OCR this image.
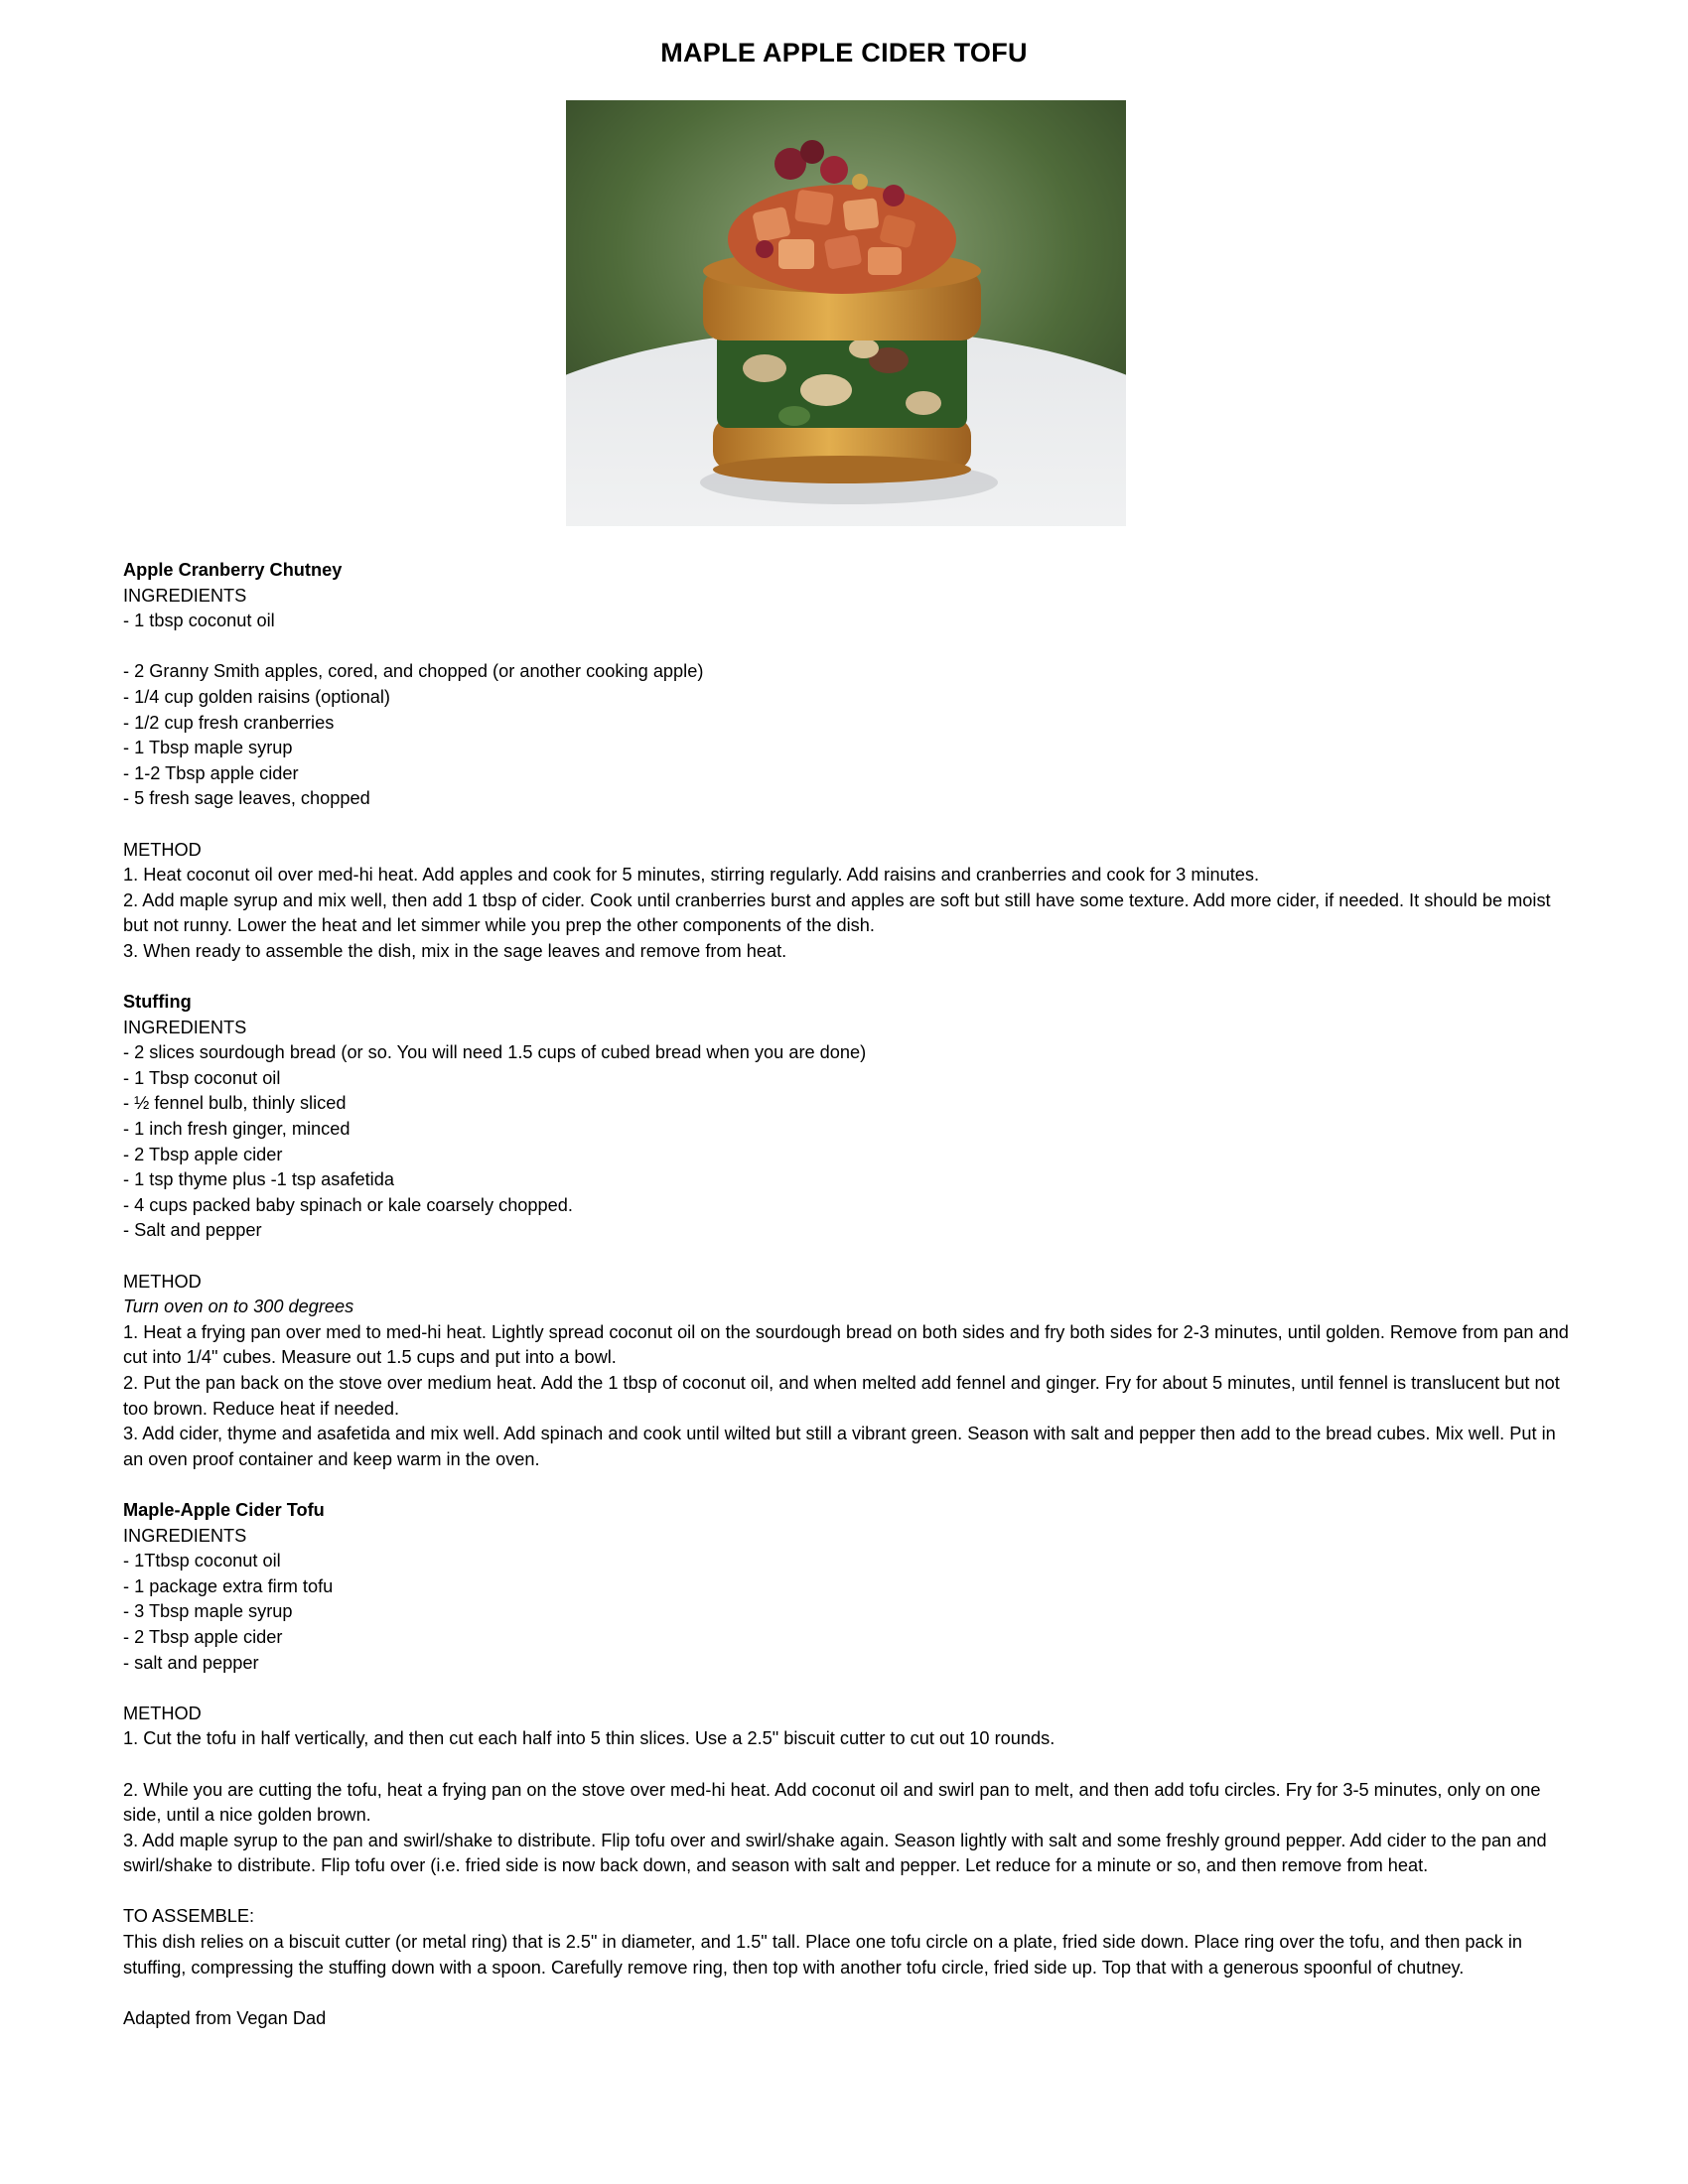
MAPLE APPLE CIDER TOFU

Apple Cranberry Chutney

INGREDIENTS

- 1 tbsp coconut oil

- 2 Granny Smith apples, cored, and chopped (or another cooking apple)

- 1/4 cup golden raisins (optional)

- 1/2 cup fresh cranberries

- 1 Tbsp maple syrup

- 1-2 Tbsp apple cider

- 5 fresh sage leaves, chopped

METHOD

1. Heat coconut oil over med-hi heat. Add apples and cook for 5 minutes, stirring regularly. Add raisins and cranberries and cook for 3 minutes.

2. Add maple syrup and mix well, then add 1 tbsp of cider. Cook until cranberries burst and apples are soft but still have some texture. Add more cider, if needed. It should be moist but not runny. Lower the heat and let simmer while you prep the other components of the dish.

3. When ready to assemble the dish, mix in the sage leaves and remove from heat.

Stuffing

INGREDIENTS

- 2 slices sourdough bread (or so. You will need 1.5 cups of cubed bread when you are done)

- 1 Tbsp coconut oil

- ½ fennel bulb, thinly sliced

- 1 inch fresh ginger, minced

- 2 Tbsp apple cider

- 1 tsp thyme plus -1 tsp asafetida

- 4 cups packed baby spinach or kale coarsely chopped.

- Salt and pepper

METHOD

Turn oven on to 300 degrees

1. Heat a frying pan over med to med-hi heat. Lightly spread coconut oil on the sourdough bread on both sides and fry both sides for 2-3 minutes, until golden. Remove from pan and cut into 1/4" cubes. Measure out 1.5 cups and put into a bowl.

2. Put the pan back on the stove over medium heat. Add the 1 tbsp of coconut oil, and when melted add fennel and ginger. Fry for about 5 minutes, until fennel is translucent but not too brown. Reduce heat if needed.

3. Add cider, thyme and asafetida and mix well. Add spinach and cook until wilted but still a vibrant green. Season with salt and pepper then add to the bread cubes. Mix well. Put in an oven proof container and keep warm in the oven.

Maple-Apple Cider Tofu

INGREDIENTS

- 1Ttbsp coconut oil

- 1 package extra firm tofu

- 3 Tbsp maple syrup

- 2 Tbsp apple cider

- salt and pepper

METHOD

1. Cut the tofu in half vertically, and then cut each half into 5 thin slices. Use a 2.5" biscuit cutter to cut out 10 rounds.

2. While you are cutting the tofu, heat a frying pan on the stove over med-hi heat. Add coconut oil and swirl pan to melt, and then add tofu circles. Fry for 3-5 minutes, only on one side, until a nice golden brown.

3. Add maple syrup to the pan and swirl/shake to distribute. Flip tofu over and swirl/shake again. Season lightly with salt and some freshly ground pepper. Add cider to the pan and swirl/shake to distribute. Flip tofu over (i.e. fried side is now back down, and season with salt and pepper. Let reduce for a minute or so, and then remove from heat.

TO ASSEMBLE:

This dish relies on a biscuit cutter (or metal ring) that is 2.5" in diameter, and 1.5" tall. Place one tofu circle on a plate, fried side down. Place ring over the tofu, and then pack in stuffing, compressing the stuffing down with a spoon. Carefully remove ring, then top with another tofu circle, fried side up. Top that with a generous spoonful of chutney.

Adapted from Vegan Dad
